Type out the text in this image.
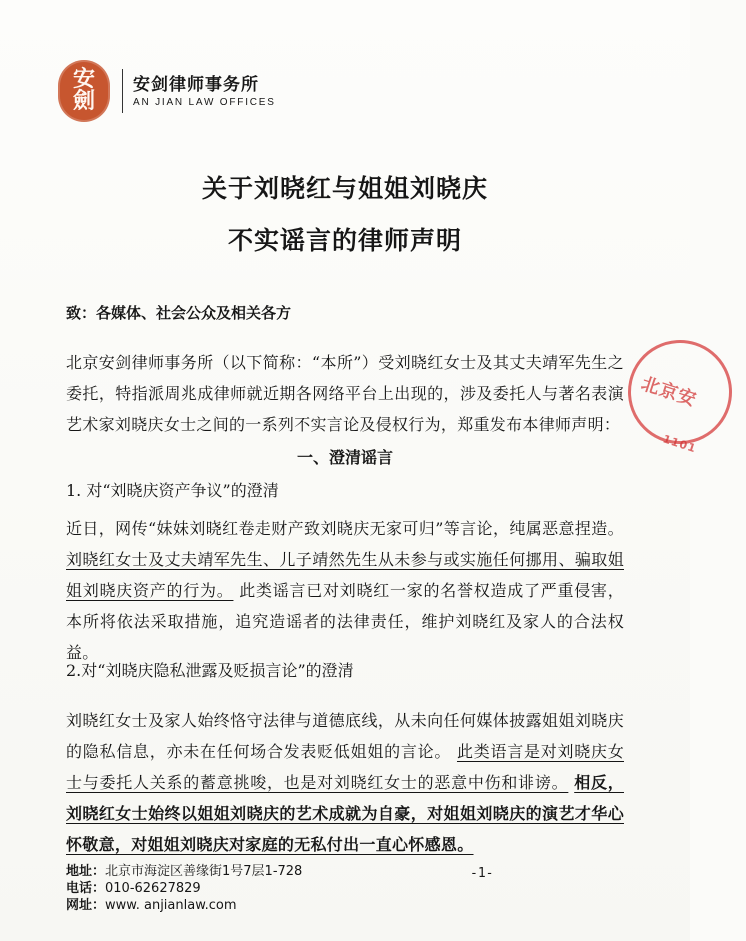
安
劍
安剑律师事务所
AN JIAN LAW OFFICES
关于刘晓红与姐姐刘晓庆
不实谣言的律师声明
致：各媒体、社会公众及相关各方
北京安剑律师事务所（以下简称：“本所”）受刘晓红女士及其丈夫靖军先生之委托，特指派周兆成律师就近期各网络平台上出现的，涉及委托人与著名表演艺术家刘晓庆女士之间的一系列不实言论及侵权行为，郑重发布本律师声明：
一、澄清谣言
1. 对“刘晓庆资产争议”的澄清
近日，网传“妹妹刘晓红卷走财产致刘晓庆无家可归”等言论，纯属恶意捏造。 刘晓红女士及丈夫靖军先生、儿子靖然先生从未参与或实施任何挪用、骗取姐姐刘晓庆资产的行为。 此类谣言已对刘晓红一家的名誉权造成了严重侵害，本所将依法采取措施，追究造谣者的法律责任，维护刘晓红及家人的合法权益。
2.对“刘晓庆隐私泄露及贬损言论”的澄清
刘晓红女士及家人始终恪守法律与道德底线，从未向任何媒体披露姐姐刘晓庆的隐私信息，亦未在任何场合发表贬低姐姐的言论。 此类语言是对刘晓庆女士与委托人关系的蓄意挑唆，也是对刘晓红女士的恶意中伤和诽谤。 相反，刘晓红女士始终以姐姐刘晓庆的艺术成就为自豪，对姐姐刘晓庆的演艺才华心怀敬意，对姐姐刘晓庆对家庭的无私付出一直心怀感恩。
地址：北京市海淀区善缘街1号7层1-728
电话：010-62627829
网址：www. anjianlaw.com
-1-
北京安
1101
